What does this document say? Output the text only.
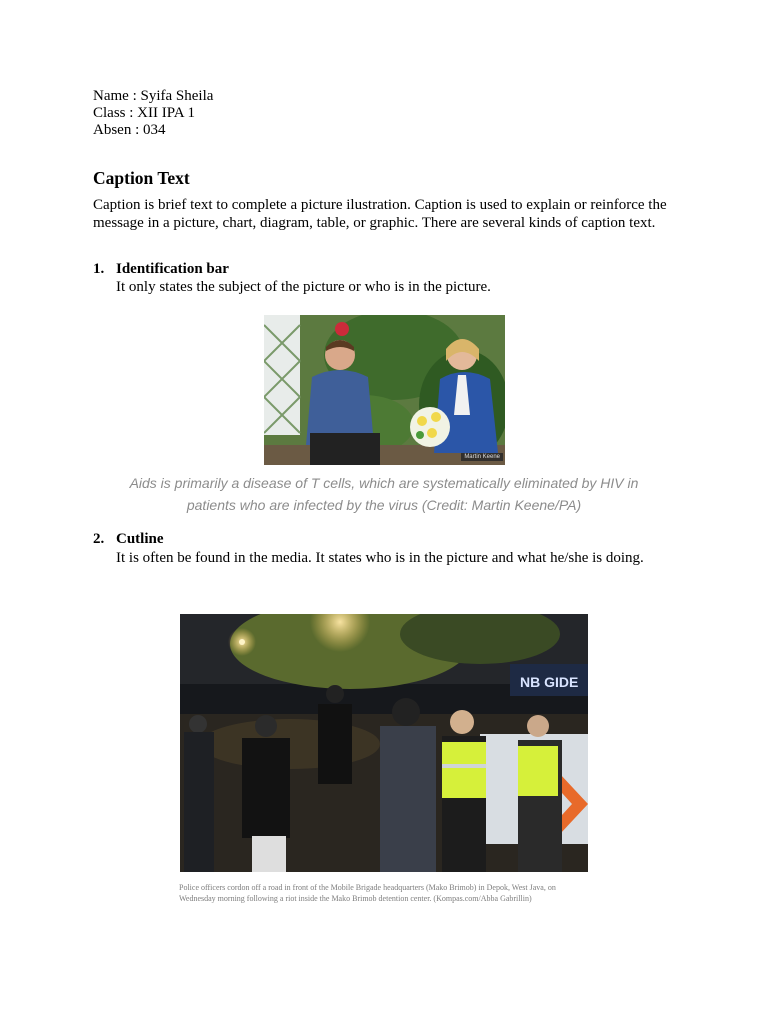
Name : Syifa Sheila
Class : XII IPA 1
Absen : 034
Caption Text
Caption is brief text to complete a picture ilustration. Caption is used to explain or reinforce the message in a picture, chart, diagram, table, or graphic. There are several kinds of caption text.
1. Identification bar
It only states the subject of the picture or who is in the picture.
Martin Keene
Aids is primarily a disease of T cells, which are systematically eliminated by HIV in
patients who are infected by the virus (Credit: Martin Keene/PA)
2. Cutline
It is often be found in the media. It states who is in the picture and what he/she is doing.
NB GIDE
Police officers cordon off a road in front of the Mobile Brigade headquarters (Mako Brimob) in Depok, West Java, on Wednesday morning following a riot inside the Mako Brimob detention center. (Kompas.com/Abba Gabrillin)
